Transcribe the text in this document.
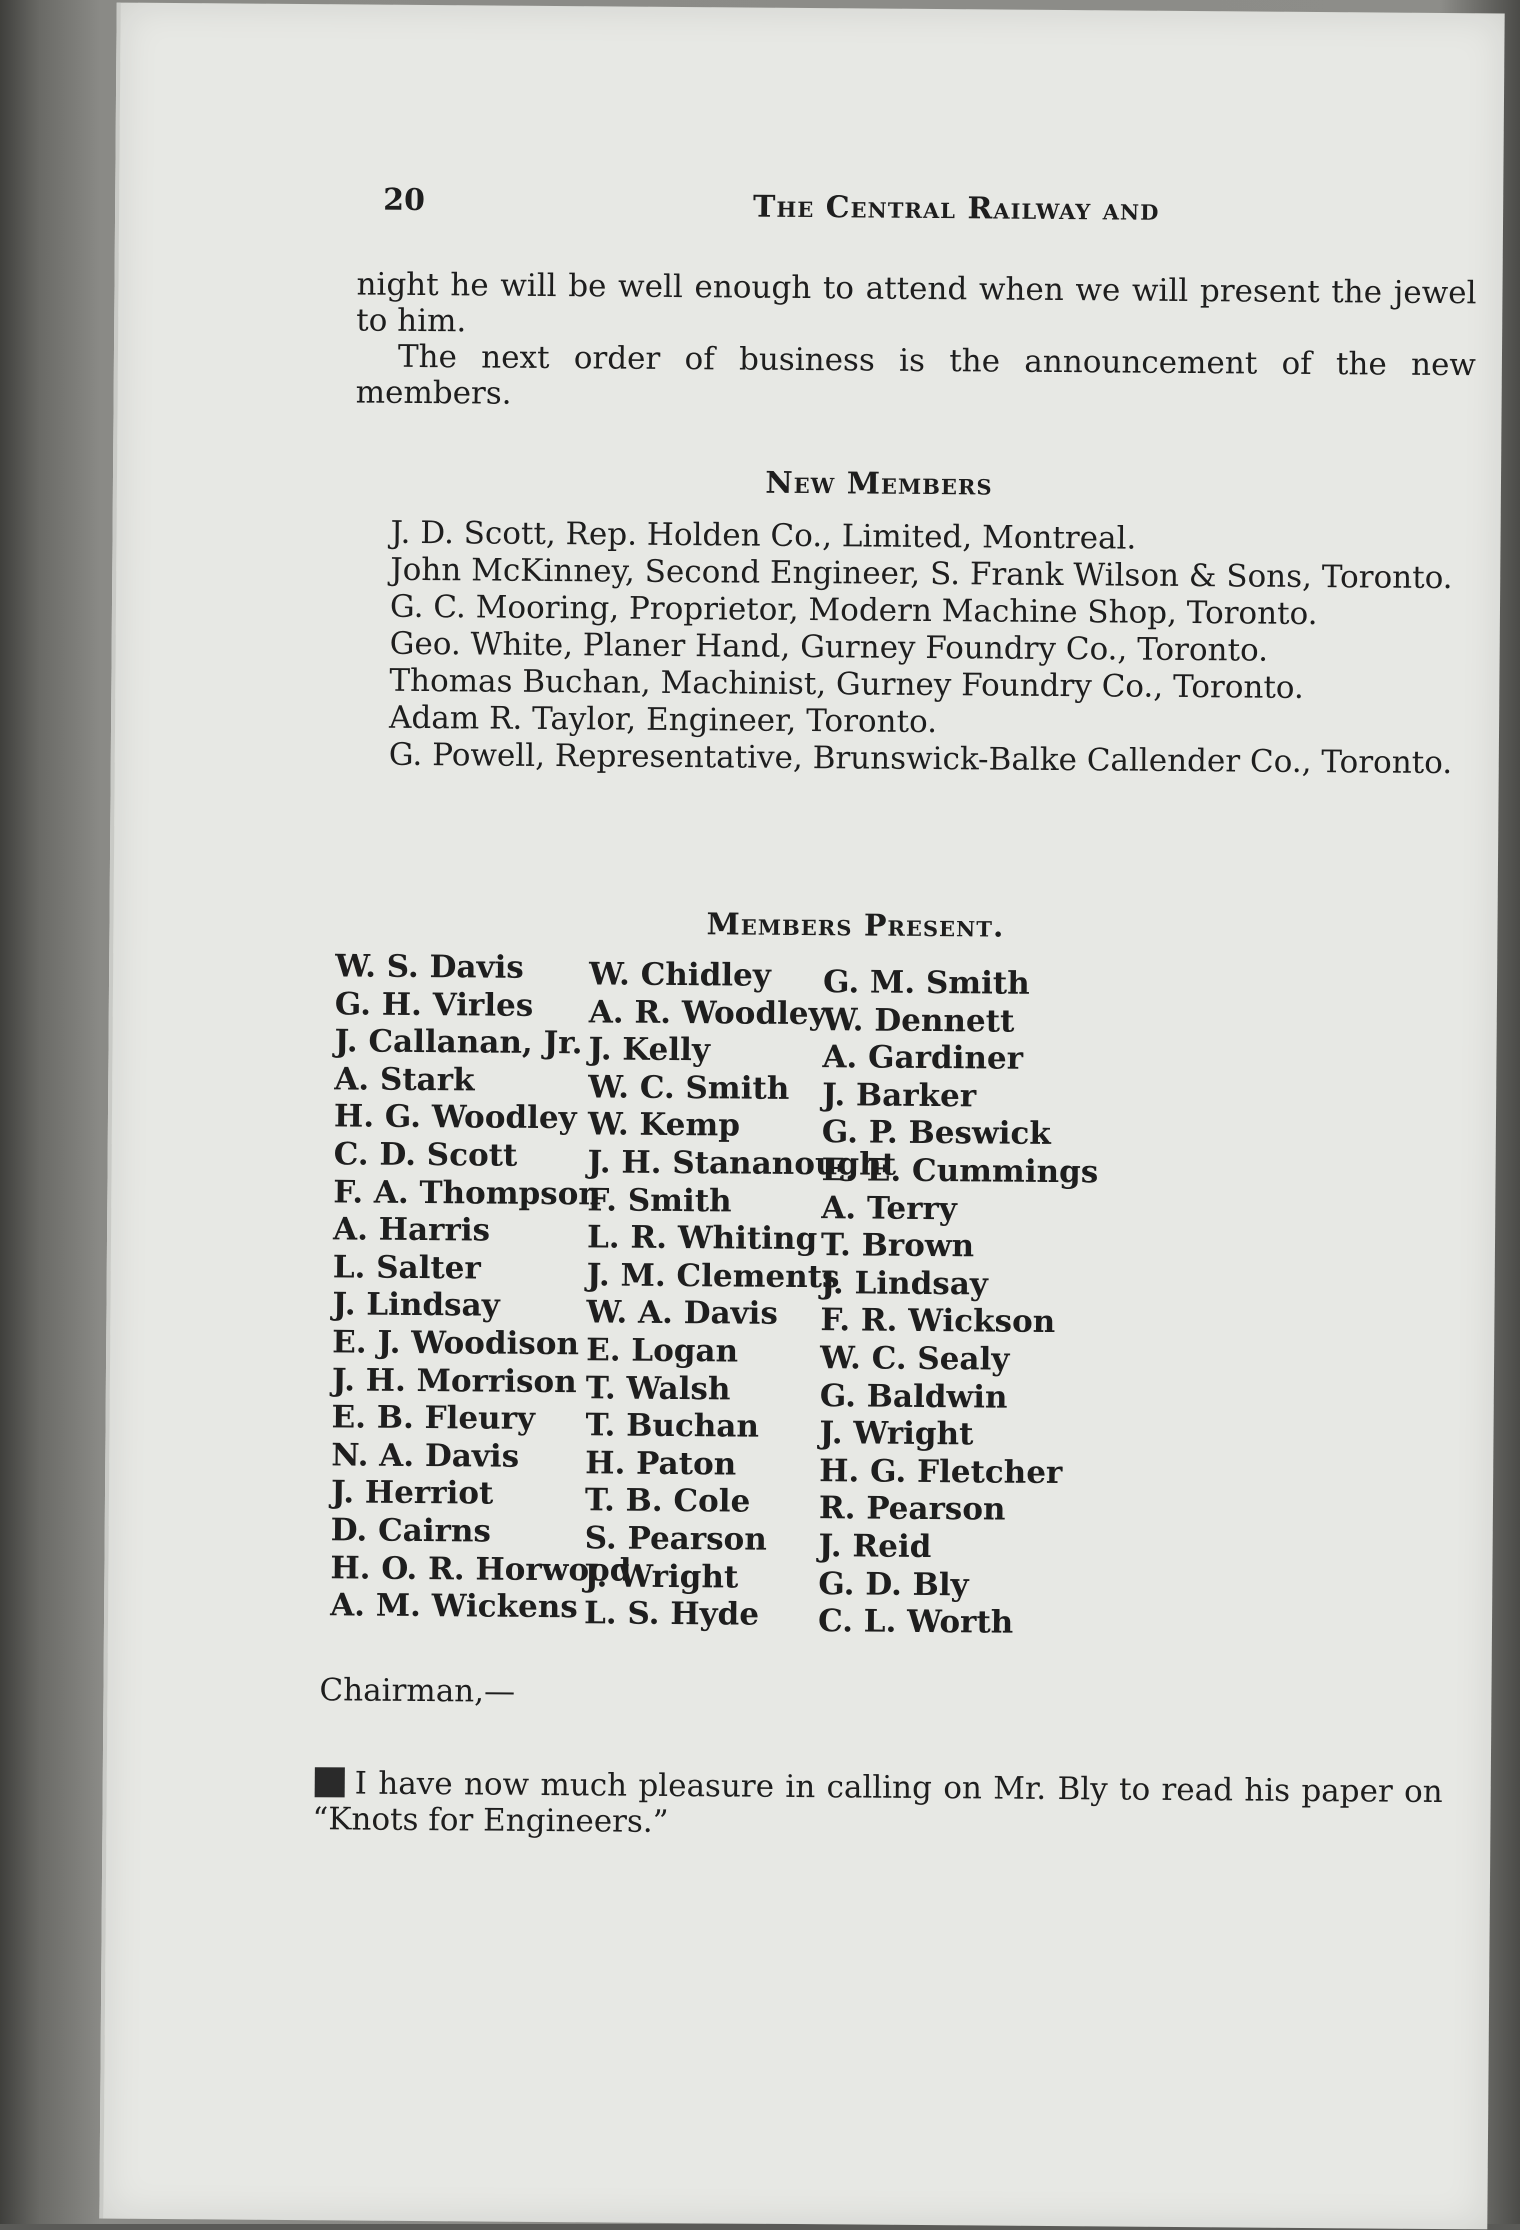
20	The Central Railway and

night he will be well enough to attend when we will present the jewel to him.

The next order of business is the announcement of the new members.

New Members

J. D. Scott, Rep. Holden Co., Limited, Montreal.

John McKinney, Second Engineer, S. Frank Wilson & Sons, Toronto.

G. C. Mooring, Proprietor, Modern Machine Shop, Toronto.

Geo. White, Planer Hand, Gurney Foundry Co., Toronto.

Thomas Buchan, Machinist, Gurney Foundry Co., Toronto.

Adam R. Taylor, Engineer, Toronto.

G. Powell, Representative, Brunswick-Balke Callender Co., Toronto.

Members Present.
W. S. Davis
G. H. Virles
J. Callanan, Jr.
A. Stark
H. G. Woodley
C. D. Scott
F. A. Thompson
A. Harris
L. Salter
J. Lindsay
E. J. Woodison
J. H. Morrison
E. B. Fleury
N. A. Davis
J. Herriot
D. Cairns
H. O. R. Horwood
A. M. Wickens
W. Chidley
A. R. Woodley
J. Kelly
W. C. Smith
W. Kemp
J. H. Stananought
F. Smith
L. R. Whiting
J. M. Clements
W. A. Davis
E. Logan
T. Walsh
T. Buchan
H. Paton
T. B. Cole
S. Pearson
J. Wright
L. S. Hyde
G. M. Smith
W. Dennett
A. Gardiner
J. Barker
G. P. Beswick
E. E. Cummings
A. Terry
T. Brown
J. Lindsay
F. R. Wickson
W. C. Sealy
G. Baldwin
J. Wright
H. G. Fletcher
R. Pearson
J. Reid
G. D. Bly
C. L. Worth
Chairman,—

I have now much pleasure in calling on Mr. Bly to read his paper on “Knots for Engineers.”
